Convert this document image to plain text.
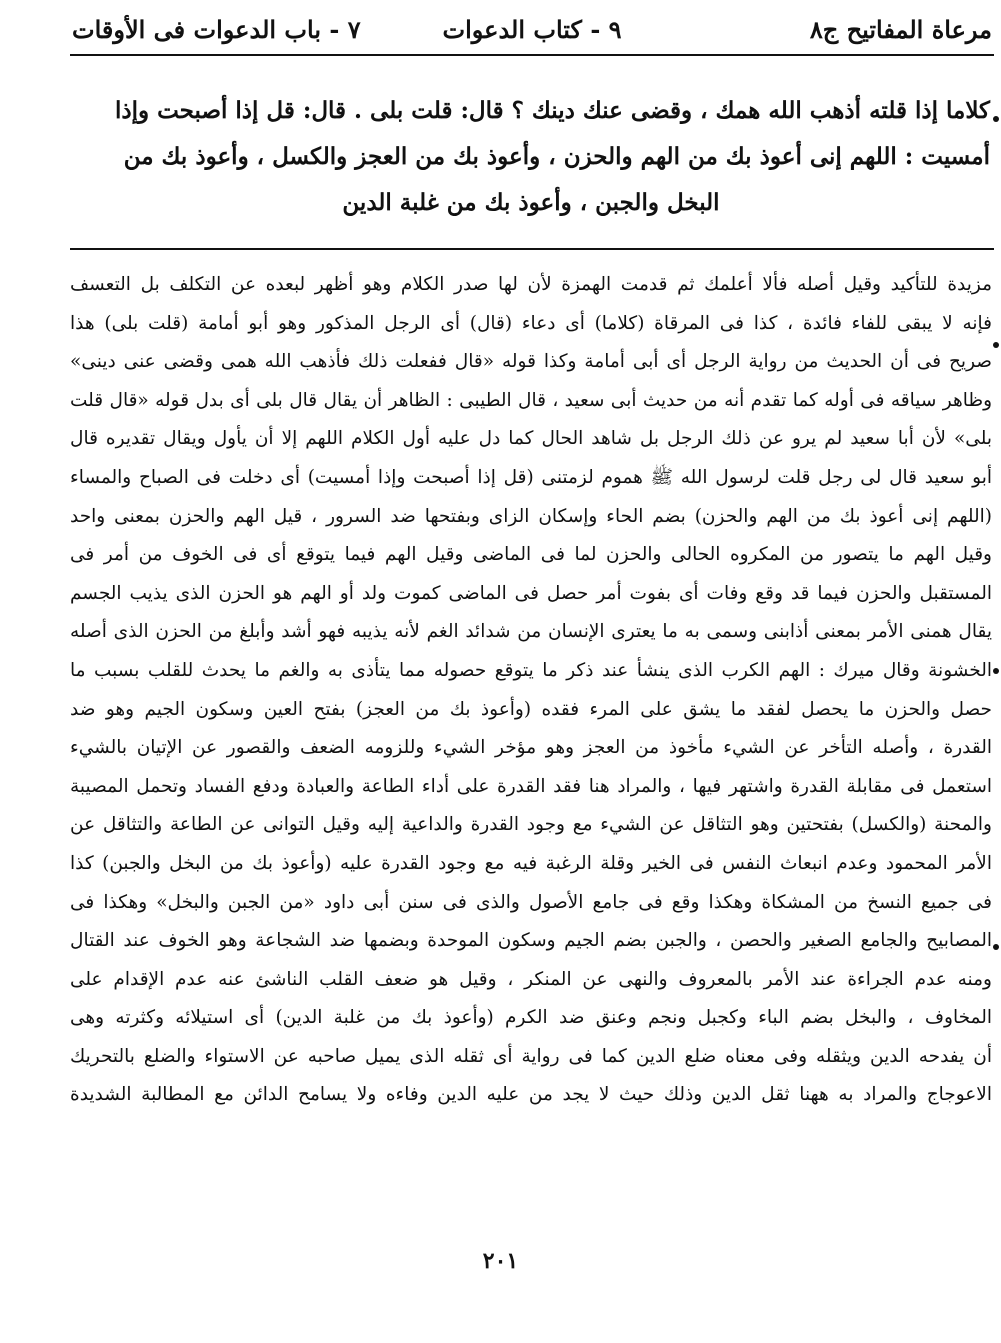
مرعاة المفاتيح ج٨
٩ - كتاب الدعوات
٧ - باب الدعوات فى الأوقات

كلاما إذا قلته أذهب الله همك ، وقضى عنك دينك ؟ قال: قلت بلى . قال: قل إذا أصبحت وإذا

أمسيت : اللهم إنى أعوذ بك من الهم والحزن ، وأعوذ بك من العجز والكسل ، وأعوذ بك من

البخل والجبن ، وأعوذ بك من غلبة الدين

مزيدة للتأكيد وقيل أصله فألا أعلمك ثم قدمت الهمزة لأن لها صدر الكلام وهو أظهر لبعده عن التكلف بل التعسف
فإنه لا يبقى للفاء فائدة ، كذا فى المرقاة (كلاما) أى دعاء (قال) أى الرجل المذكور وهو أبو أمامة (قلت بلى) هذا
صريح فى أن الحديث من رواية الرجل أى أبى أمامة وكذا قوله «قال ففعلت ذلك فأذهب الله همى وقضى عنى دينى»
وظاهر سياقه فى أوله كما تقدم أنه من حديث أبى سعيد ، قال الطيبى : الظاهر أن يقال قال بلى أى بدل قوله «قال قلت
بلى» لأن أبا سعيد لم يرو عن ذلك الرجل بل شاهد الحال كما دل عليه أول الكلام اللهم إلا أن يأول ويقال تقديره قال
أبو سعيد قال لى رجل قلت لرسول الله ﷺ هموم لزمتنى (قل إذا أصبحت وإذا أمسيت) أى دخلت فى الصباح والمساء
(اللهم إنى أعوذ بك من الهم والحزن) بضم الحاء وإسكان الزاى وبفتحها ضد السرور ، قيل الهم والحزن بمعنى واحد
وقيل الهم ما يتصور من المكروه الحالى والحزن لما فى الماضى وقيل الهم فيما يتوقع أى فى الخوف من أمر فى
المستقبل والحزن فيما قد وقع وفات أى بفوت أمر حصل فى الماضى كموت ولد أو الهم هو الحزن الذى يذيب الجسم
يقال همنى الأمر بمعنى أذابنى وسمى به ما يعترى الإنسان من شدائد الغم لأنه يذيبه فهو أشد وأبلغ من الحزن الذى أصله
الخشونة وقال ميرك : الهم الكرب الذى ينشأ عند ذكر ما يتوقع حصوله مما يتأذى به والغم ما يحدث للقلب بسبب ما
حصل والحزن ما يحصل لفقد ما يشق على المرء فقده (وأعوذ بك من العجز) بفتح العين وسكون الجيم وهو ضد
القدرة ، وأصله التأخر عن الشيء مأخوذ من العجز وهو مؤخر الشيء وللزومه الضعف والقصور عن الإتيان بالشيء
استعمل فى مقابلة القدرة واشتهر فيها ، والمراد هنا فقد القدرة على أداء الطاعة والعبادة ودفع الفساد وتحمل المصيبة
والمحنة (والكسل) بفتحتين وهو التثاقل عن الشيء مع وجود القدرة والداعية إليه وقيل التوانى عن الطاعة والتثاقل عن
الأمر المحمود وعدم انبعاث النفس فى الخير وقلة الرغبة فيه مع وجود القدرة عليه (وأعوذ بك من البخل والجبن) كذا
فى جميع النسخ من المشكاة وهكذا وقع فى جامع الأصول والذى فى سنن أبى داود «من الجبن والبخل» وهكذا فى
المصابيح والجامع الصغير والحصن ، والجبن بضم الجيم وسكون الموحدة وبضمها ضد الشجاعة وهو الخوف عند القتال
ومنه عدم الجراءة عند الأمر بالمعروف والنهى عن المنكر ، وقيل هو ضعف القلب الناشئ عنه عدم الإقدام على
المخاوف ، والبخل بضم الباء وكجبل ونجم وعنق ضد الكرم (وأعوذ بك من غلبة الدين) أى استيلائه وكثرته وهى
أن يفدحه الدين ويثقله وفى معناه ضلع الدين كما فى رواية أى ثقله الذى يميل صاحبه عن الاستواء والضلع بالتحريك
الاعوجاج والمراد به ههنا ثقل الدين وذلك حيث لا يجد من عليه الدين وفاءه ولا يسامح الدائن مع المطالبة الشديدة
٢٠١
